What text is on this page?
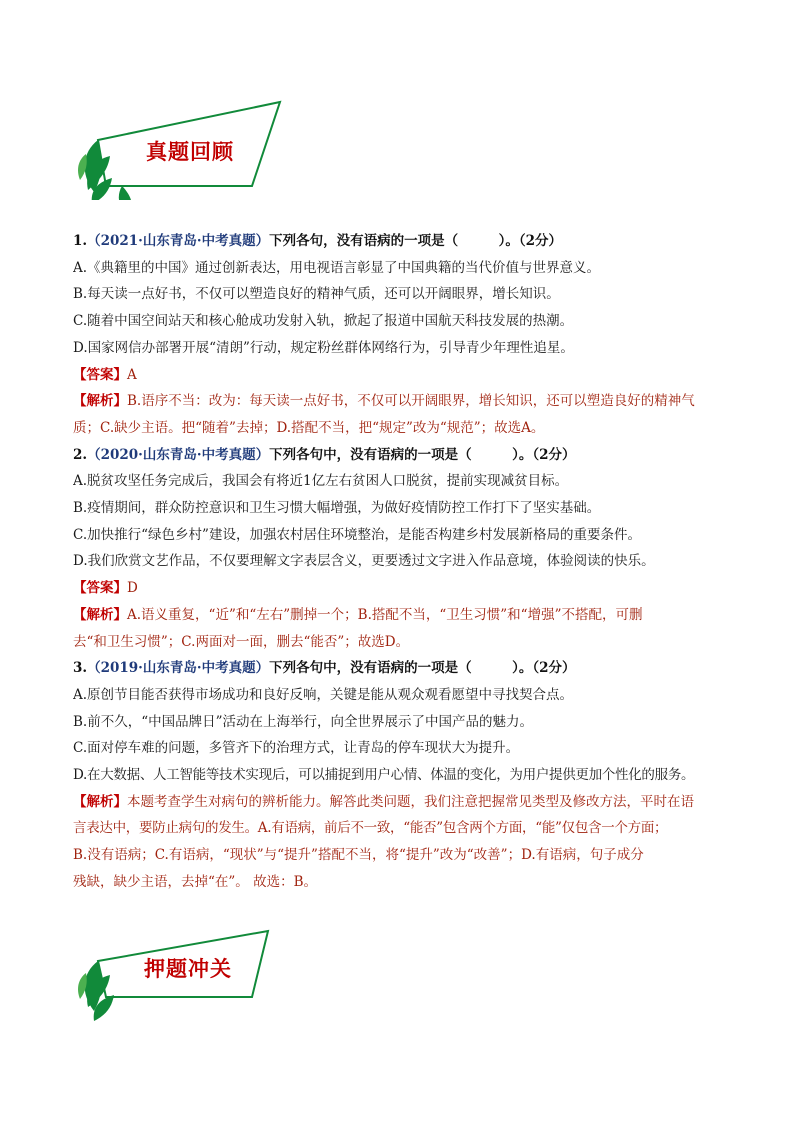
真题回顾
1.（2021·山东青岛·中考真题）下列各句，没有语病的一项是（　　　）。（2分）
A.《典籍里的中国》通过创新表达，用电视语言彰显了中国典籍的当代价值与世界意义。
B.每天读一点好书，不仅可以塑造良好的精神气质，还可以开阔眼界，增长知识。
C.随着中国空间站天和核心舱成功发射入轨，掀起了报道中国航天科技发展的热潮。
D.国家网信办部署开展“清朗”行动，规定粉丝群体网络行为，引导青少年理性追星。
【答案】A
【解析】B.语序不当：改为：每天读一点好书，不仅可以开阔眼界，增长知识，还可以塑造良好的精神气
质；C.缺少主语。把“随着”去掉；D.搭配不当，把“规定”改为“规范”；故选A。
2.（2020·山东青岛·中考真题）下列各句中，没有语病的一项是（　　　）。（2分）
A.脱贫攻坚任务完成后，我国会有将近1亿左右贫困人口脱贫，提前实现减贫目标。
B.疫情期间，群众防控意识和卫生习惯大幅增强，为做好疫情防控工作打下了坚实基础。
C.加快推行“绿色乡村”建设，加强农村居住环境整治，是能否构建乡村发展新格局的重要条件。
D.我们欣赏文艺作品，不仅要理解文字表层含义，更要透过文字进入作品意境，体验阅读的快乐。
【答案】D
【解析】A.语义重复，“近”和“左右”删掉一个；B.搭配不当，“卫生习惯”和“增强”不搭配，可删
去“和卫生习惯”；C.两面对一面，删去“能否”；故选D。
3.（2019·山东青岛·中考真题）下列各句中，没有语病的一项是（　　　）。（2分）
A.原创节目能否获得市场成功和良好反响，关键是能从观众观看愿望中寻找契合点。
B.前不久，“中国品牌日”活动在上海举行，向全世界展示了中国产品的魅力。
C.面对停车难的问题，多管齐下的治理方式，让青岛的停车现状大为提升。
D.在大数据、人工智能等技术实现后，可以捕捉到用户心情、体温的变化，为用户提供更加个性化的服务。
【解析】本题考查学生对病句的辨析能力。解答此类问题，我们注意把握常见类型及修改方法，平时在语
言表达中，要防止病句的发生。A.有语病，前后不一致，“能否”包含两个方面，“能”仅包含一个方面；
B.没有语病；C.有语病，“现状”与“提升”搭配不当，将“提升”改为“改善”；D.有语病，句子成分
残缺，缺少主语，去掉“在”。 故选：B。
押题冲关
